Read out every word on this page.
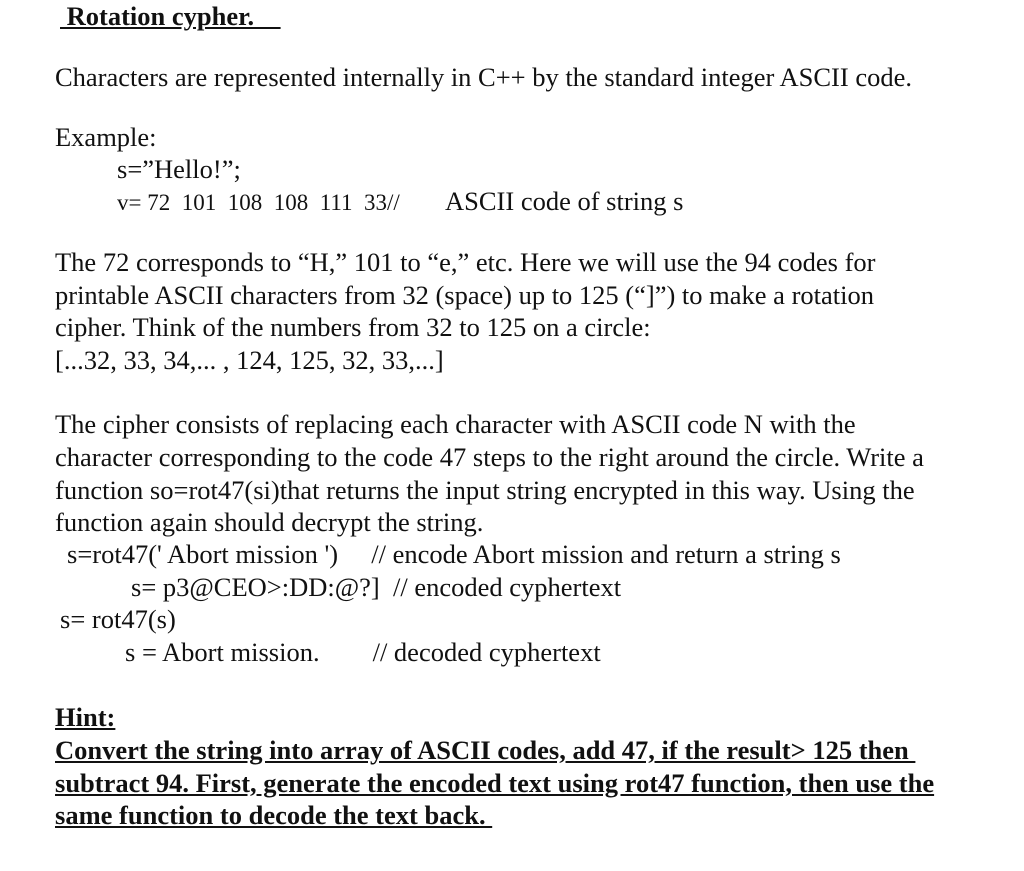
Rotation cypher.
Characters are represented internally in C++ by the standard integer ASCII code.
Example:
s=”Hello!”;
v= 72  101  108  108  111  33// ASCII code of string s
The 72 corresponds to “H,” 101 to “e,” etc. Here we will use the 94 codes for
printable ASCII characters from 32 (space) up to 125 (“]”) to make a rotation
cipher. Think of the numbers from 32 to 125 on a circle:
[...32, 33, 34,... , 124, 125, 32, 33,...]
The cipher consists of replacing each character with ASCII code N with the
character corresponding to the code 47 steps to the right around the circle. Write a
function so=rot47(si)that returns the input string encrypted in this way. Using the
function again should decrypt the string.
s=rot47(' Abort mission ')     // encode Abort mission and return a string s
s= p3@CEO>:DD:@?]  // encoded cyphertext
s= rot47(s)
s = Abort mission.        // decoded cyphertext
Hint:
Convert the string into array of ASCII codes, add 47, if the result> 125 then
subtract 94. First, generate the encoded text using rot47 function, then use the
same function to decode the text back.
